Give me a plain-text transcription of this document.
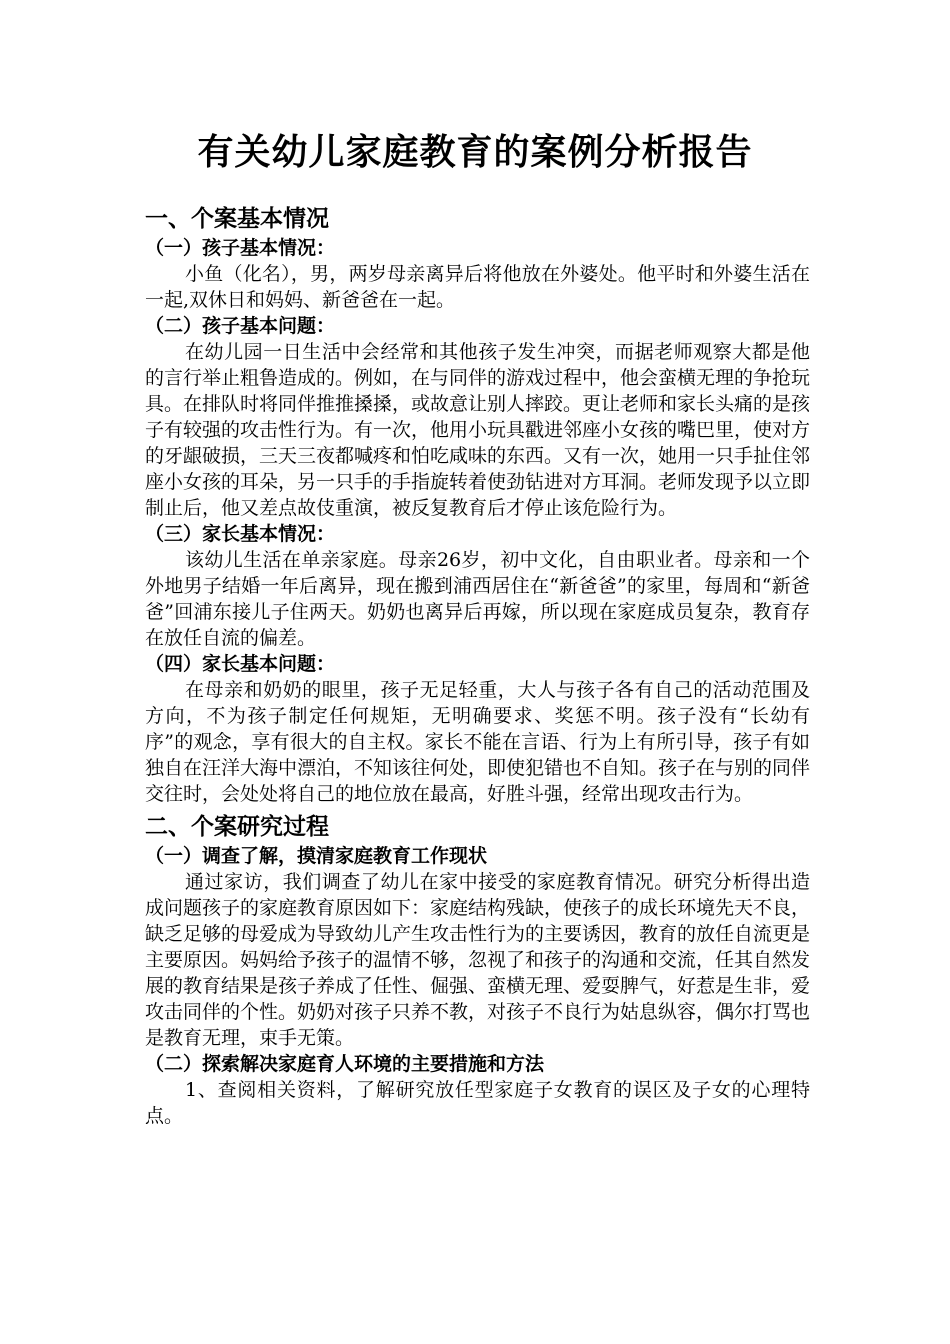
有关幼儿家庭教育的案例分析报告
一、个案基本情况
（一）孩子基本情况：

小鱼（化名），男，两岁母亲离异后将他放在外婆处。他平时和外婆生活在一起,双休日和妈妈、新爸爸在一起。

（二）孩子基本问题：

在幼儿园一日生活中会经常和其他孩子发生冲突，而据老师观察大都是他的言行举止粗鲁造成的。例如，在与同伴的游戏过程中，他会蛮横无理的争抢玩具。在排队时将同伴推推搡搡，或故意让别人摔跤。更让老师和家长头痛的是孩子有较强的攻击性行为。有一次，他用小玩具戳进邻座小女孩的嘴巴里，使对方的牙龈破损，三天三夜都喊疼和怕吃咸味的东西。又有一次，她用一只手扯住邻座小女孩的耳朵，另一只手的手指旋转着使劲钻进对方耳洞。老师发现予以立即制止后，他又差点故伎重演，被反复教育后才停止该危险行为。

（三）家长基本情况：

该幼儿生活在单亲家庭。母亲26岁，初中文化，自由职业者。母亲和一个外地男子结婚一年后离异，现在搬到浦西居住在“新爸爸”的家里，每周和“新爸爸”回浦东接儿子住两天。奶奶也离异后再嫁，所以现在家庭成员复杂，教育存在放任自流的偏差。

（四）家长基本问题：

在母亲和奶奶的眼里，孩子无足轻重，大人与孩子各有自己的活动范围及方向，不为孩子制定任何规矩，无明确要求、奖惩不明。孩子没有“长幼有序”的观念，享有很大的自主权。家长不能在言语、行为上有所引导，孩子有如独自在汪洋大海中漂泊，不知该往何处，即使犯错也不自知。孩子在与别的同伴交往时，会处处将自己的地位放在最高，好胜斗强，经常出现攻击行为。

二、个案研究过程
（一）调查了解，摸清家庭教育工作现状

通过家访，我们调查了幼儿在家中接受的家庭教育情况。研究分析得出造成问题孩子的家庭教育原因如下：家庭结构残缺，使孩子的成长环境先天不良，缺乏足够的母爱成为导致幼儿产生攻击性行为的主要诱因，教育的放任自流更是主要原因。妈妈给予孩子的温情不够，忽视了和孩子的沟通和交流，任其自然发展的教育结果是孩子养成了任性、倔强、蛮横无理、爱耍脾气，好惹是生非，爱攻击同伴的个性。奶奶对孩子只养不教，对孩子不良行为姑息纵容，偶尔打骂也是教育无理，束手无策。

（二）探索解决家庭育人环境的主要措施和方法

1、查阅相关资料，了解研究放任型家庭子女教育的误区及子女的心理特点。
